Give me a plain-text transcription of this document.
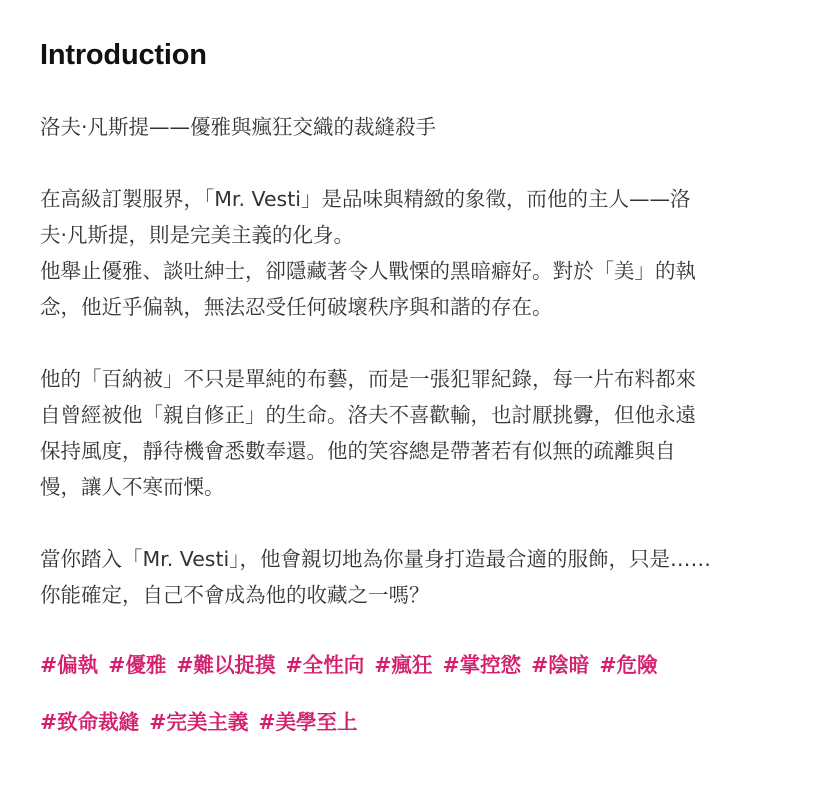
Introduction

洛夫·凡斯提——優雅與瘋狂交織的裁縫殺手

在高級訂製服界，「Mr. Vesti」是品味與精緻的象徵，而他的主人——洛
夫·凡斯提，則是完美主義的化身。
他舉止優雅、談吐紳士，卻隱藏著令人戰慄的黑暗癖好。對於「美」的執
念，他近乎偏執，無法忍受任何破壞秩序與和諧的存在。

他的「百納被」不只是單純的布藝，而是一張犯罪紀錄，每一片布料都來
自曾經被他「親自修正」的生命。洛夫不喜歡輸，也討厭挑釁，但他永遠
保持風度，靜待機會悉數奉還。他的笑容總是帶著若有似無的疏離與自
慢，讓人不寒而慄。

當你踏入「Mr. Vesti」，他會親切地為你量身打造最合適的服飾，只是……
你能確定，自己不會成為他的收藏之一嗎？

#偏執 #優雅 #難以捉摸 #全性向 #瘋狂 #掌控慾 #陰暗 #危險
#致命裁縫 #完美主義 #美學至上
